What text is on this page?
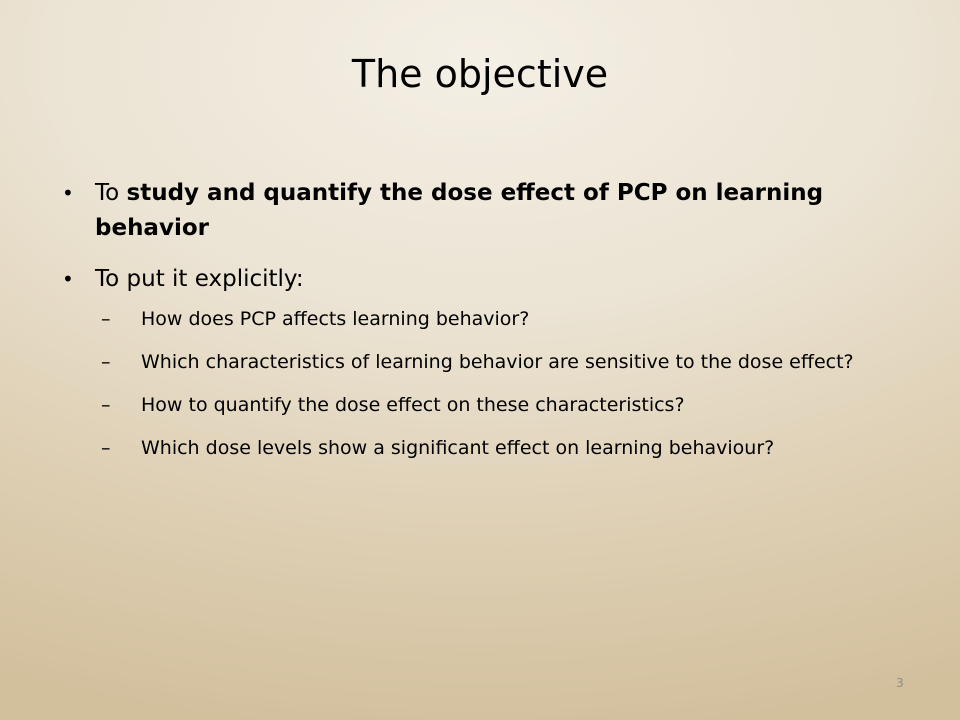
The objective
• To study and quantify the dose effect of PCP on learning behavior
• To put it explicitly:
– How does PCP affects learning behavior?
– Which characteristics of learning behavior are sensitive to the dose effect?
– How to quantify the dose effect on these characteristics?
– Which dose levels show a significant effect on learning behaviour?
3
